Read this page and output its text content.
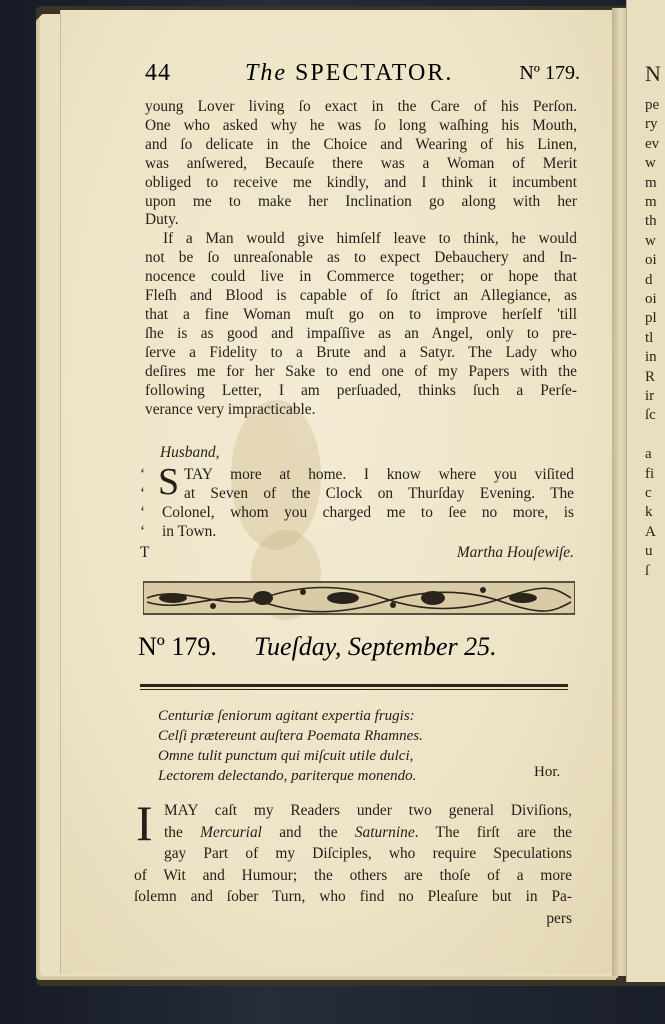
N
pe
ry
ev
w
m
m
th
w
oi
d
oi
pl
tl
in
R
ir
ſc
a
fi
c
k
A
u
ſ
44	The SPECTATOR.	Nº 179.
young Lover living ſo exact in the Care of his Perſon.
One who asked why he was ſo long waſhing his Mouth,
and ſo delicate in the Choice and Wearing of his Linen,
was anſwered, Becauſe there was a Woman of Merit
obliged to receive me kindly, and I think it incumbent
upon me to make her Inclination go along with her
Duty.
If a Man would give himſelf leave to think, he would
not be ſo unreaſonable as to expect Debauchery and In-
nocence could live in Commerce together; or hope that
Fleſh and Blood is capable of ſo ſtrict an Allegiance, as
that a fine Woman muſt go on to improve herſelf 'till
ſhe is as good and impaſſive as an Angel, only to pre-
ſerve a Fidelity to a Brute and a Satyr. The Lady who
deſires me for her Sake to end one of my Papers with the
following Letter, I am perſuaded, thinks ſuch a Perſe-
verance very impracticable.
Husband,
‘	TAY more at home. I know where you viſited
‘	at Seven of the Clock on Thurſday Evening. The
‘	Colonel, whom you charged me to ſee no more, is
‘	in Town.
S
T	Martha Houſewiſe.
Nº 179. Tueſday, September 25.
Centuriæ ſeniorum agitant expertia frugis:
Celſi prætereunt auſtera Poemata Rhamnes.
Omne tulit punctum qui miſcuit utile dulci,
Lectorem delectando, pariterque monendo.	Hor.
I MAY caſt my Readers under two general Diviſions,
the Mercurial and the Saturnine. The firſt are the
gay Part of my Diſciples, who require Speculations
of Wit and Humour; the others are thoſe of a more
ſolemn and ſober Turn, who find no Pleaſure but in Pa-
pers
